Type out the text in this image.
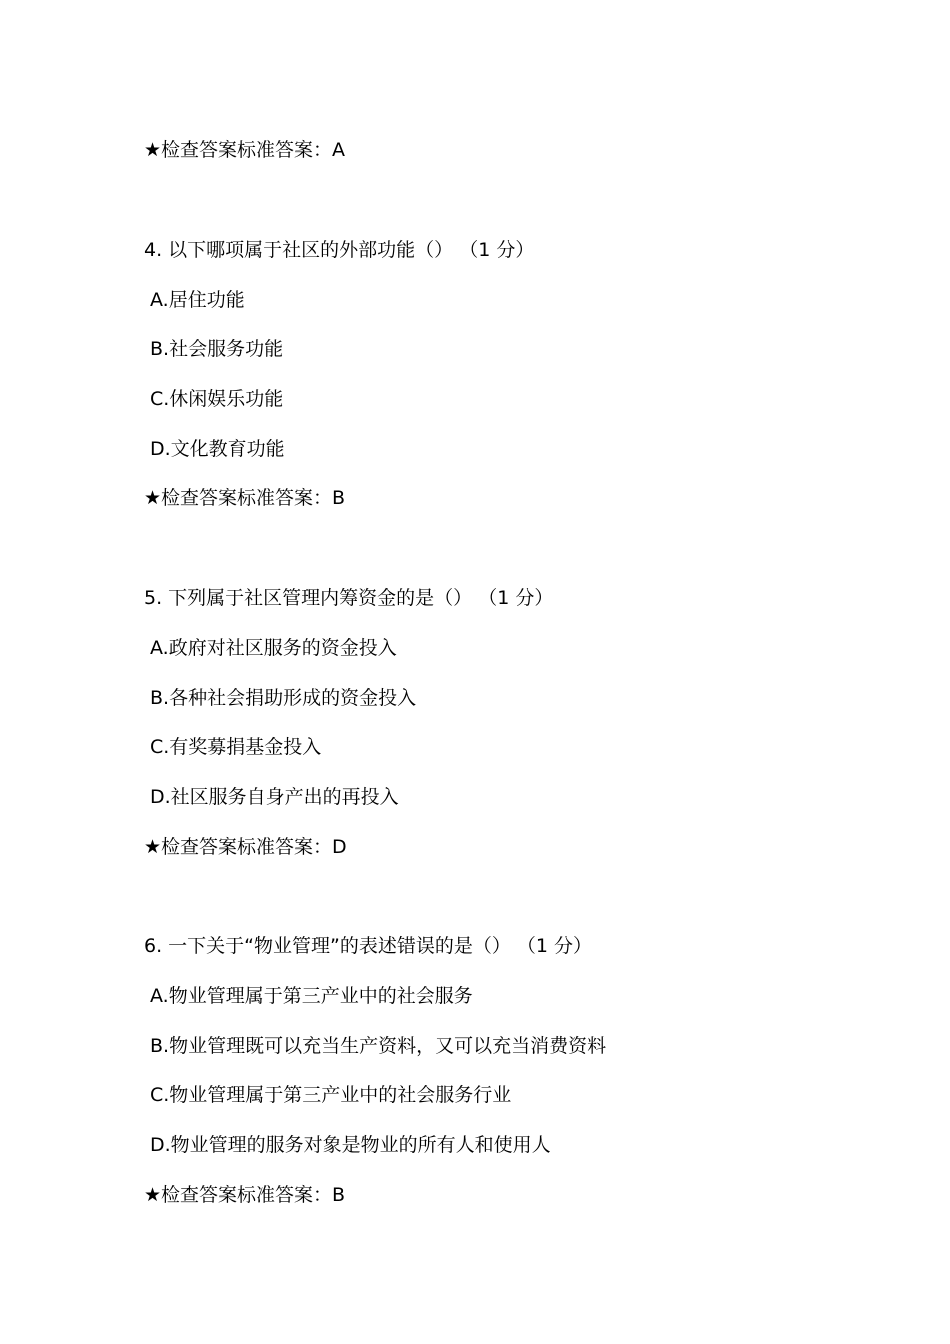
★检查答案标准答案：A
4. 以下哪项属于社区的外部功能（） （1 分）
A.居住功能
B.社会服务功能
C.休闲娱乐功能
D.文化教育功能
★检查答案标准答案：B
5. 下列属于社区管理内筹资金的是（） （1 分）
A.政府对社区服务的资金投入
B.各种社会捐助形成的资金投入
C.有奖募捐基金投入
D.社区服务自身产出的再投入
★检查答案标准答案：D
6. 一下关于“物业管理”的表述错误的是（） （1 分）
A.物业管理属于第三产业中的社会服务
B.物业管理既可以充当生产资料，又可以充当消费资料
C.物业管理属于第三产业中的社会服务行业
D.物业管理的服务对象是物业的所有人和使用人
★检查答案标准答案：B
